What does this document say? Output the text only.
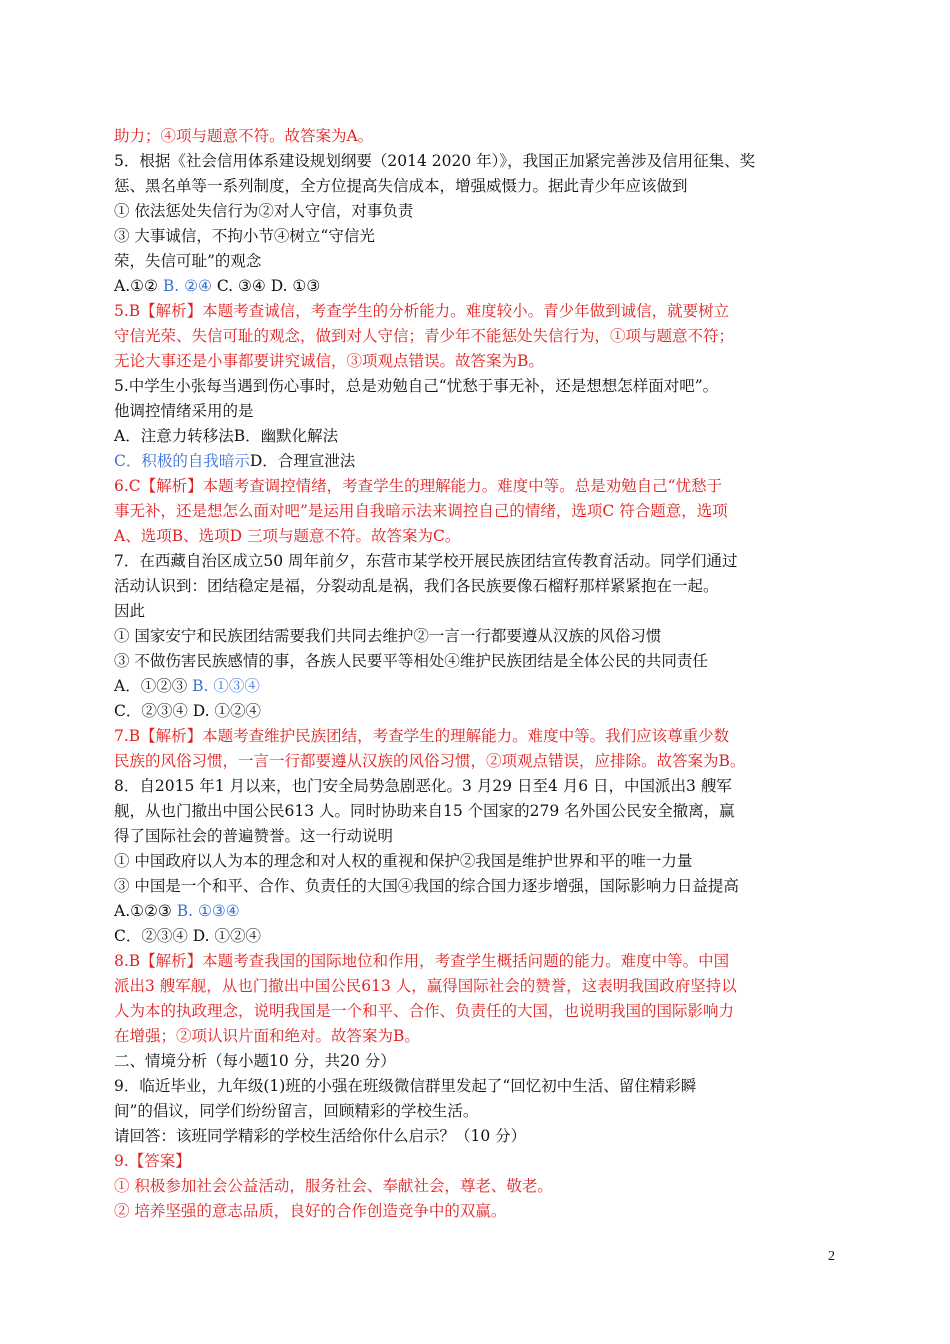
助力；④项与题意不符。故答案为A。
5．根据《社会信用体系建设规划纲要（2014 2020 年）》，我国正加紧完善涉及信用征集、奖
惩、黑名单等一系列制度，全方位提高失信成本，增强威慑力。据此青少年应该做到
① 依法惩处失信行为②对人守信，对事负责
③ 大事诚信，不拘小节④树立“守信光
荣，失信可耻”的观念
A.①② B. ②④ C. ③④ D. ①③
5.B【解析】本题考查诚信，考查学生的分析能力。难度较小。青少年做到诚信，就要树立
守信光荣、失信可耻的观念，做到对人守信；青少年不能惩处失信行为，①项与题意不符；
无论大事还是小事都要讲究诚信，③项观点错误。故答案为B。
5.中学生小张每当遇到伤心事时，总是劝勉自己“忧愁于事无补，还是想想怎样面对吧”。
他调控情绪采用的是
A．注意力转移法B．幽默化解法
C．积极的自我暗示D．合理宣泄法
6.C【解析】本题考查调控情绪，考查学生的理解能力。难度中等。总是劝勉自己“忧愁于
事无补，还是想怎么面对吧”是运用自我暗示法来调控自己的情绪，选项C 符合题意，选项
A、选项B、选项D 三项与题意不符。故答案为C。
7．在西藏自治区成立50 周年前夕，东营市某学校开展民族团结宣传教育活动。同学们通过
活动认识到：团结稳定是福，分裂动乱是祸，我们各民族要像石榴籽那样紧紧抱在一起。
因此
① 国家安宁和民族团结需要我们共同去维护②一言一行都要遵从汉族的风俗习惯
③ 不做伤害民族感情的事，各族人民要平等相处④维护民族团结是全体公民的共同责任
A．①②③ B. ①③④
C．②③④ D. ①②④
7.B【解析】本题考查维护民族团结，考查学生的理解能力。难度中等。我们应该尊重少数
民族的风俗习惯，一言一行都要遵从汉族的风俗习惯，②项观点错误，应排除。故答案为B。
8．自2015 年1 月以来，也门安全局势急剧恶化。3 月29 日至4 月6 日，中国派出3 艘军
舰，从也门撤出中国公民613 人。同时协助来自15 个国家的279 名外国公民安全撤离，赢
得了国际社会的普遍赞誉。这一行动说明
① 中国政府以人为本的理念和对人权的重视和保护②我国是维护世界和平的唯一力量
③ 中国是一个和平、合作、负责任的大国④我国的综合国力逐步增强，国际影响力日益提高
A.①②③ B. ①③④
C．②③④ D. ①②④
8.B【解析】本题考查我国的国际地位和作用，考查学生概括问题的能力。难度中等。中国
派出3 艘军舰，从也门撤出中国公民613 人，赢得国际社会的赞誉，这表明我国政府坚持以
人为本的执政理念，说明我国是一个和平、合作、负责任的大国，也说明我国的国际影响力
在增强；②项认识片面和绝对。故答案为B。
二、情境分析（每小题10 分，共20 分）
9．临近毕业，九年级(1)班的小强在班级微信群里发起了“回忆初中生活、留住精彩瞬
间”的倡议，同学们纷纷留言，回顾精彩的学校生活。
请回答：该班同学精彩的学校生活给你什么启示？（10 分）
9.【答案】
① 积极参加社会公益活动，服务社会、奉献社会，尊老、敬老。
② 培养坚强的意志品质，良好的合作创造竞争中的双赢。
2
